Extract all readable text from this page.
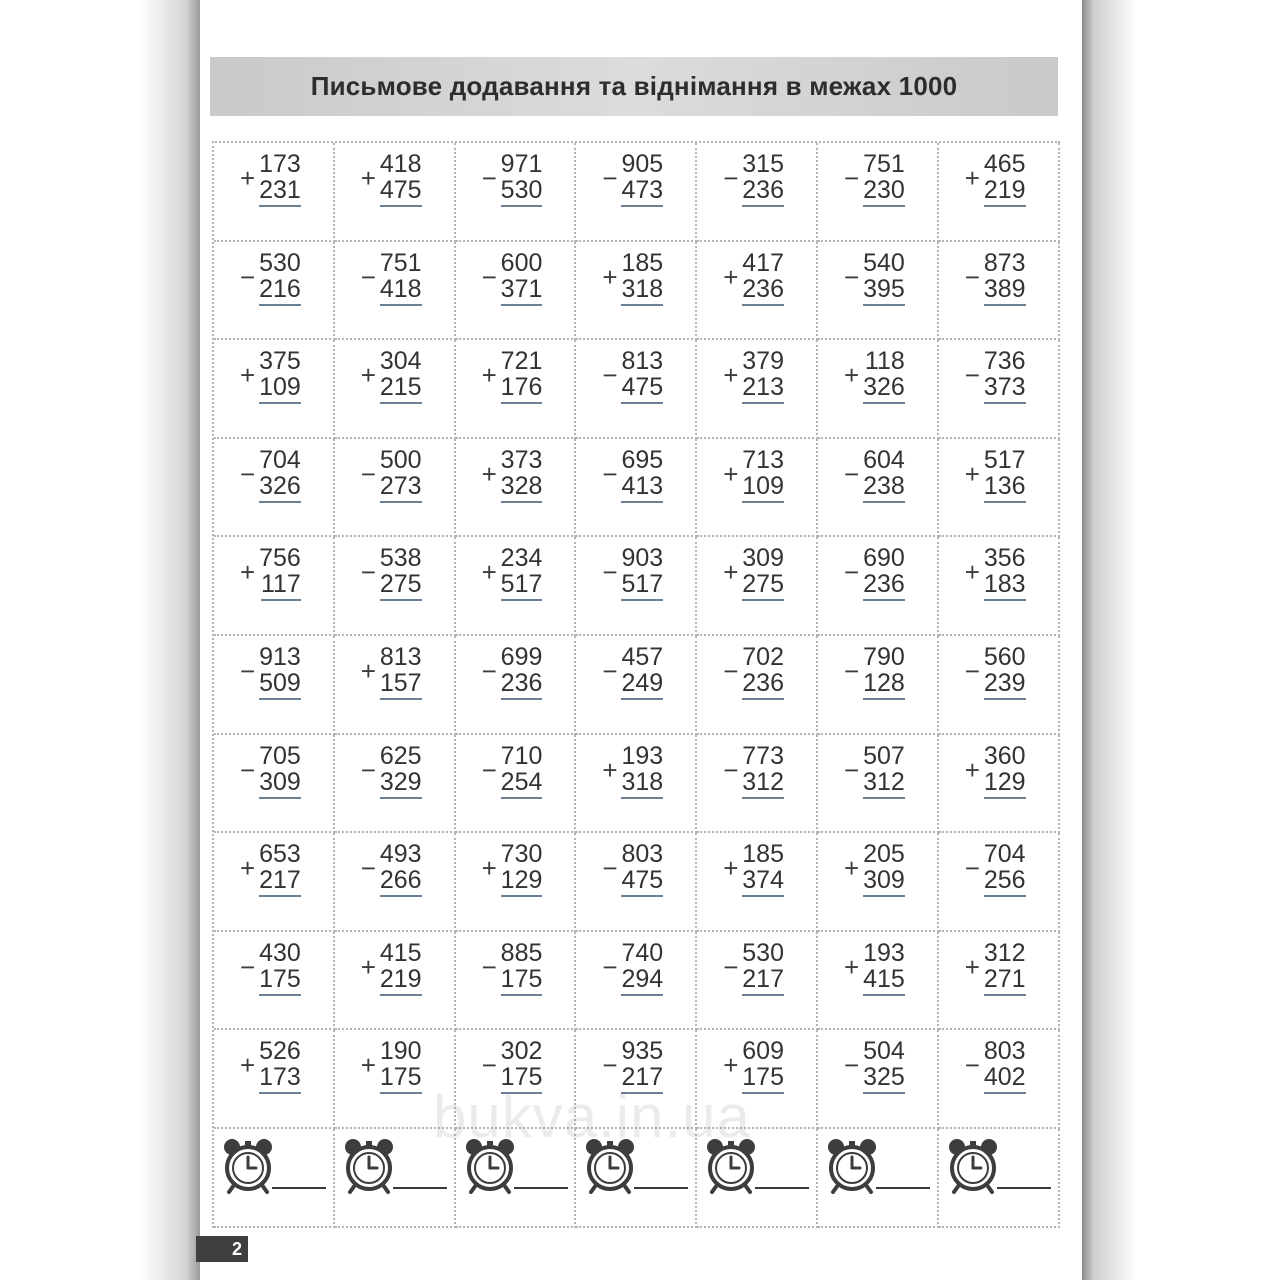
Письмове додавання та віднімання в межах 1000
+ 173
231 + 418
475 − 971
530 − 905
473 − 315
236 − 751
230 + 465
219
− 530
216 − 751
418 − 600
371 + 185
318 + 417
236 − 540
395 − 873
389
+ 375
109 + 304
215 + 721
176 − 813
475 + 379
213 + 118
326 − 736
373
− 704
326 − 500
273 + 373
328 − 695
413 + 713
109 − 604
238 + 517
136
+ 756
117 − 538
275 + 234
517 − 903
517 + 309
275 − 690
236 + 356
183
− 913
509 + 813
157 − 699
236 − 457
249 − 702
236 − 790
128 − 560
239
− 705
309 − 625
329 − 710
254 + 193
318 − 773
312 − 507
312 + 360
129
+ 653
217 − 493
266 + 730
129 − 803
475 + 185
374 + 205
309 − 704
256
− 430
175 + 415
219 − 885
175 − 740
294 − 530
217 + 193
415 + 312
271
+ 526
173 + 190
175 − 302
175 − 935
217 + 609
175 − 504
325 − 803
402
bukva.in.ua
2
